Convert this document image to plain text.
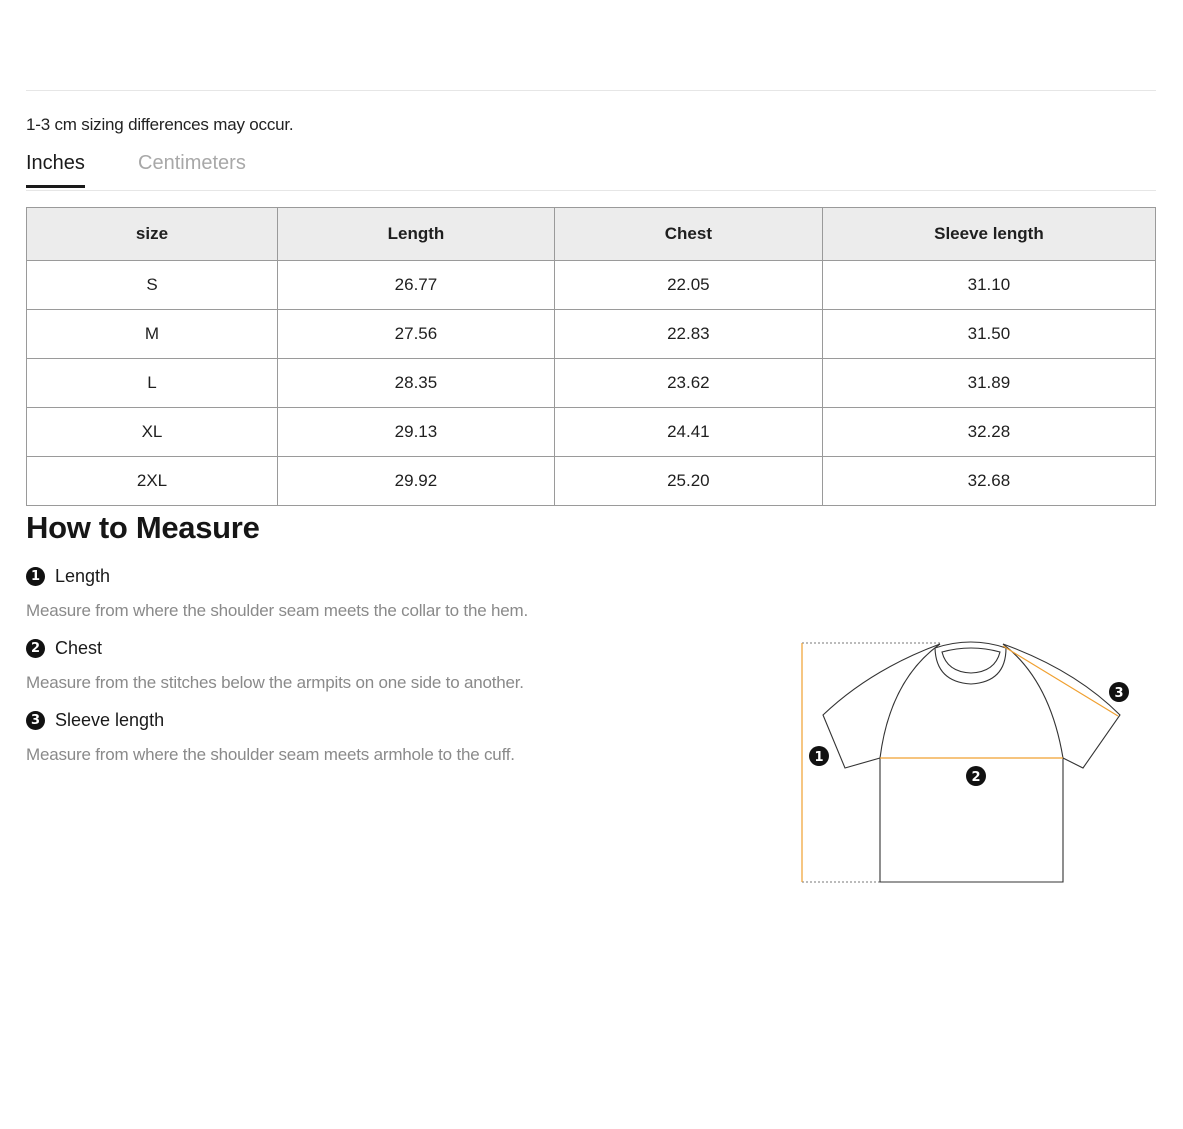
1-3 cm sizing differences may occur.
Inches	Centimeters
size	Length	Chest	Sleeve length
S	26.77	22.05	31.10
M	27.56	22.83	31.50
L	28.35	23.62	31.89
XL	29.13	24.41	32.28
2XL	29.92	25.20	32.68
How to Measure
1 Length
Measure from where the shoulder seam meets the collar to the hem.
2 Chest
Measure from the stitches below the armpits on one side to another.
3 Sleeve length
Measure from where the shoulder seam meets armhole to the cuff.	1
2
3
